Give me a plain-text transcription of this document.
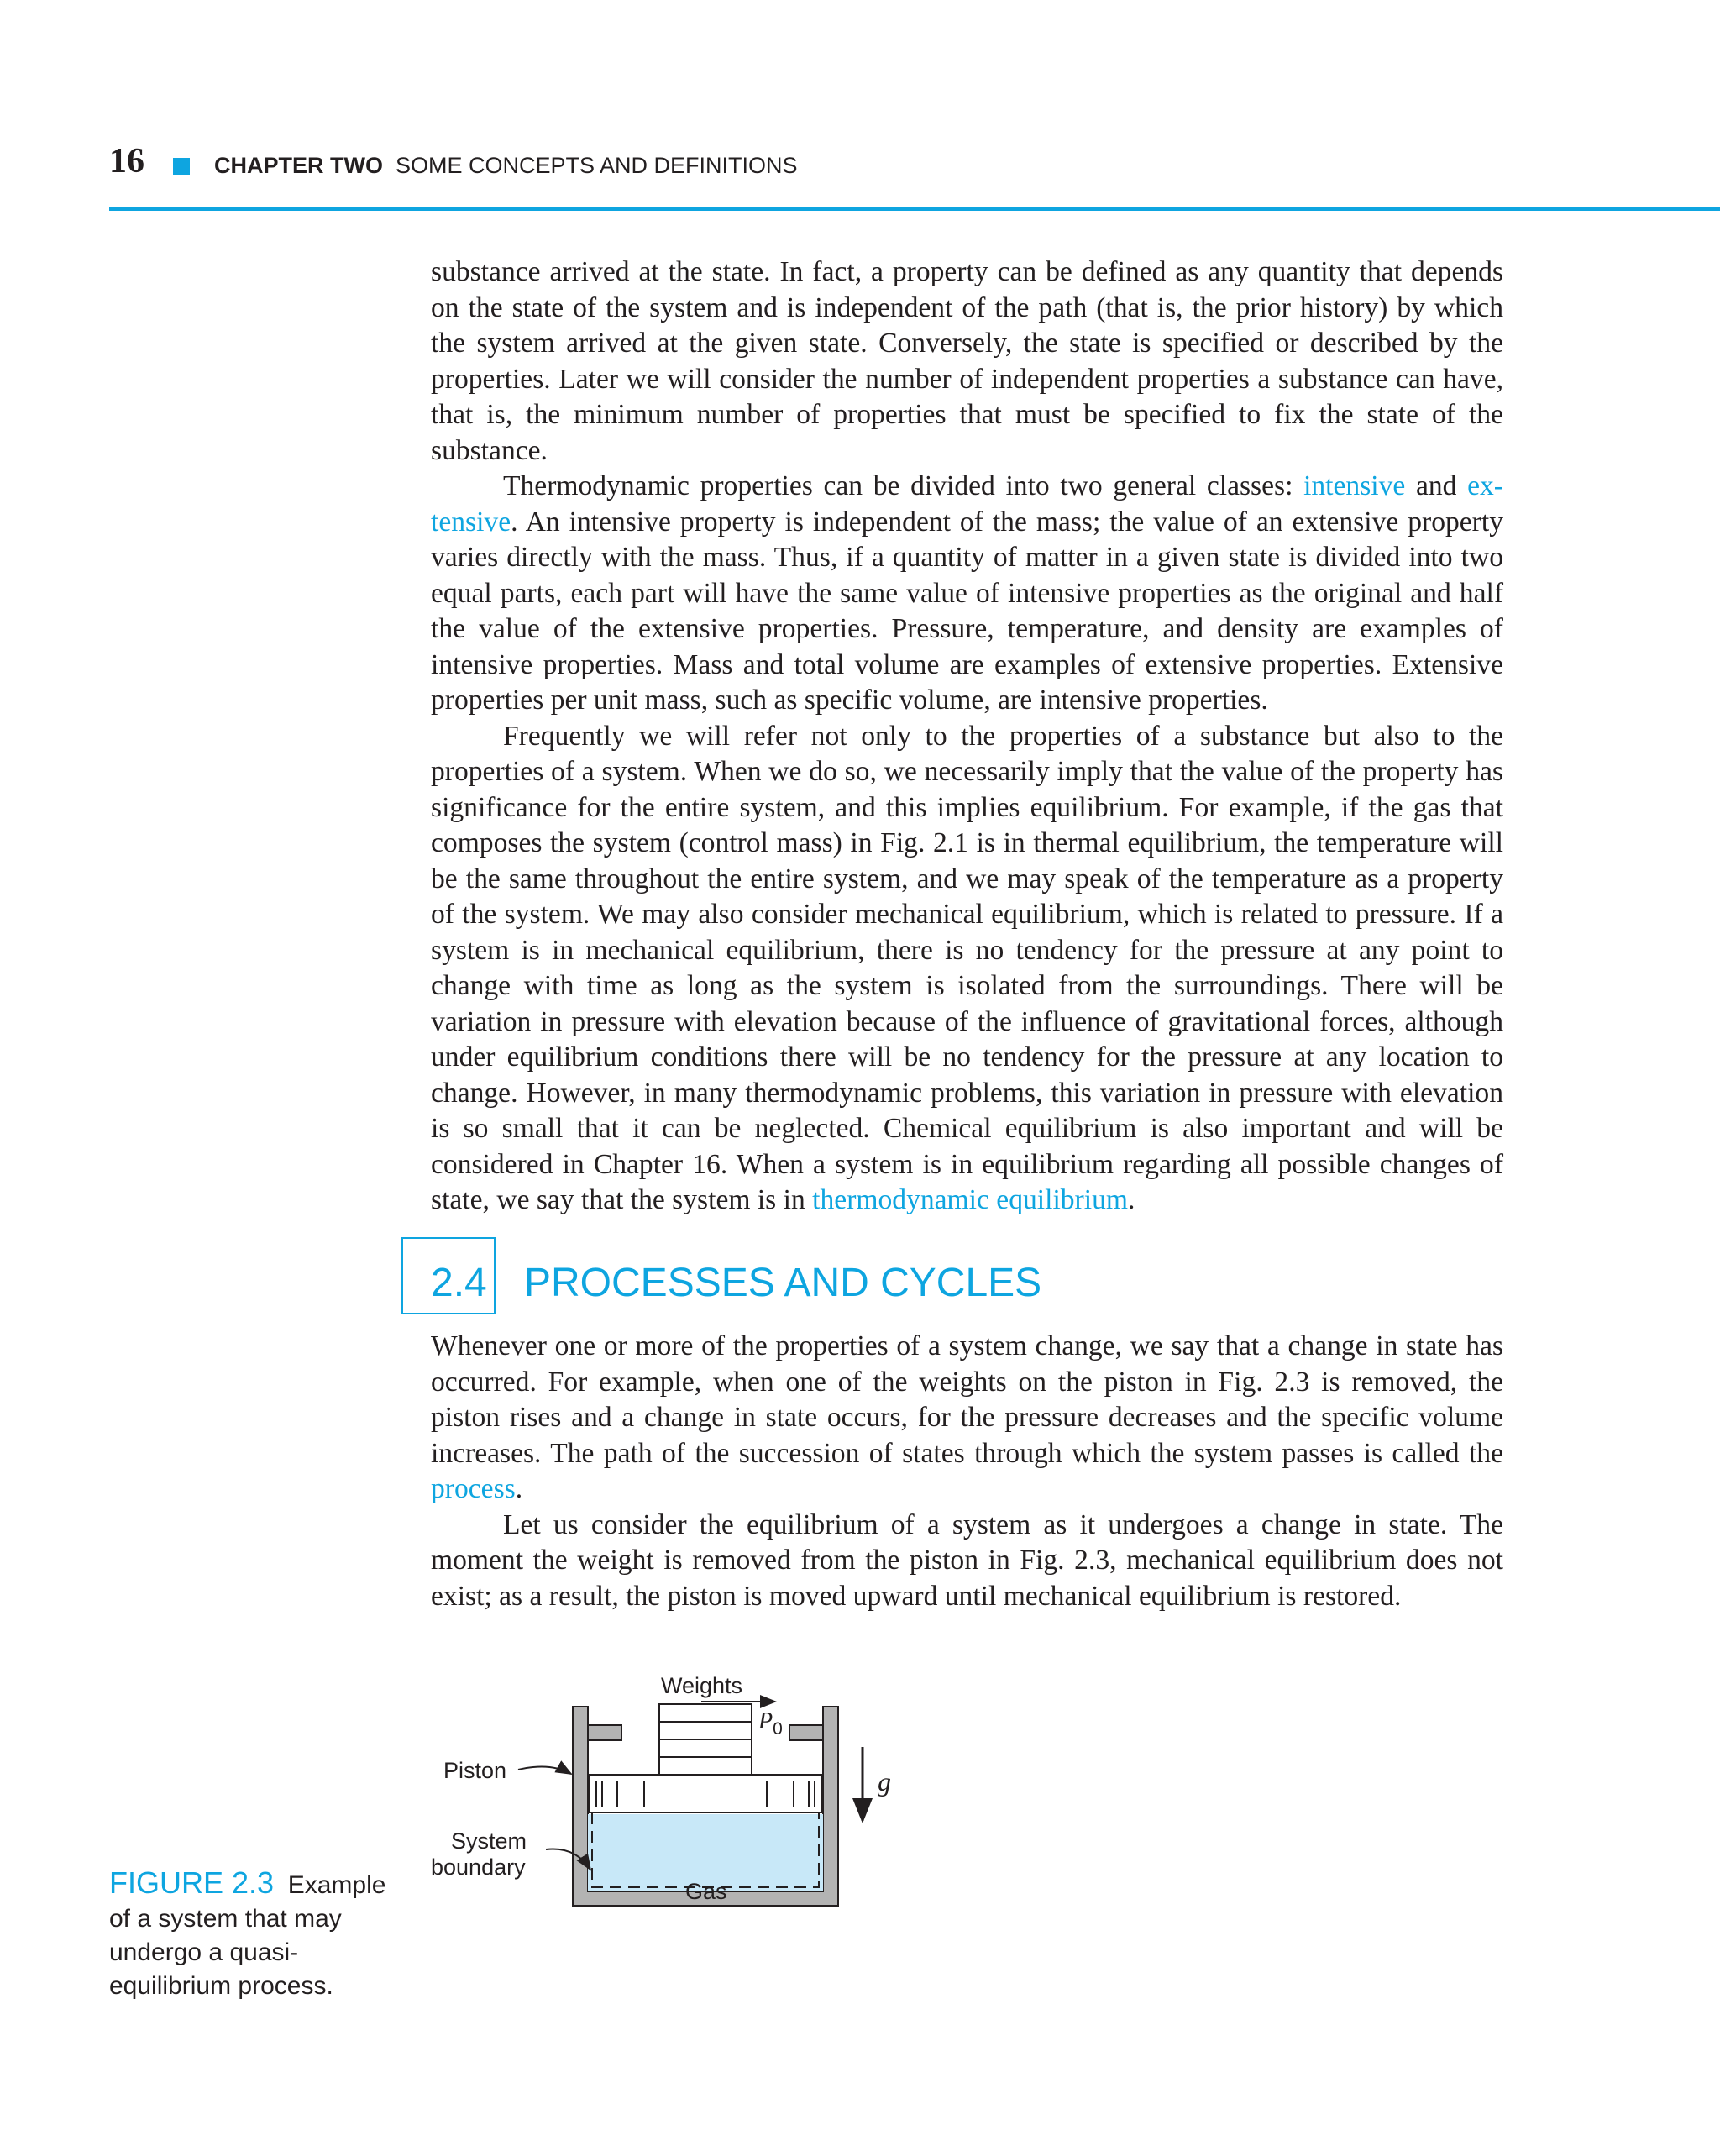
16	CHAPTER TWO SOME CONCEPTS AND DEFINITIONS

substance arrived at the state. In fact, a property can be defined as any quantity that depends on the state of the system and is independent of the path (that is, the prior history) by which the system arrived at the given state. Conversely, the state is specified or described by the properties. Later we will consider the number of independent properties a substance can have, that is, the minimum number of properties that must be specified to fix the state of the substance.

Thermodynamic properties can be divided into two general classes: intensive and extensive. An intensive property is independent of the mass; the value of an extensive property varies directly with the mass. Thus, if a quantity of matter in a given state is divided into two equal parts, each part will have the same value of intensive properties as the original and half the value of the extensive properties. Pressure, temperature, and density are examples of intensive properties. Mass and total volume are examples of extensive properties. Extensive properties per unit mass, such as specific volume, are intensive properties.

Frequently we will refer not only to the properties of a substance but also to the properties of a system. When we do so, we necessarily imply that the value of the property has significance for the entire system, and this implies equilibrium. For example, if the gas that composes the system (control mass) in Fig. 2.1 is in thermal equilibrium, the temperature will be the same throughout the entire system, and we may speak of the temperature as a property of the system. We may also consider mechanical equilibrium, which is related to pressure. If a system is in mechanical equilibrium, there is no tendency for the pressure at any point to change with time as long as the system is isolated from the surroundings. There will be variation in pressure with elevation because of the influence of gravitational forces, although under equilibrium conditions there will be no tendency for the pressure at any location to change. However, in many thermodynamic problems, this variation in pressure with elevation is so small that it can be neglected. Chemical equilibrium is also important and will be considered in Chapter 16. When a system is in equilibrium regarding all possible changes of state, we say that the system is in thermodynamic equilibrium.

2.4 PROCESSES AND CYCLES

Whenever one or more of the properties of a system change, we say that a change in state has occurred. For example, when one of the weights on the piston in Fig. 2.3 is removed, the piston rises and a change in state occurs, for the pressure decreases and the specific volume increases. The path of the succession of states through which the system passes is called the process.

Let us consider the equilibrium of a system as it undergoes a change in state. The moment the weight is removed from the piston in Fig. 2.3, mechanical equilibrium does not exist; as a result, the piston is moved upward until mechanical equilibrium is restored.

Weights
$P_0$
g
Piston
System
boundary
Gas
FIGURE 2.3 Example of a system that may undergo a quasi-equilibrium process.
